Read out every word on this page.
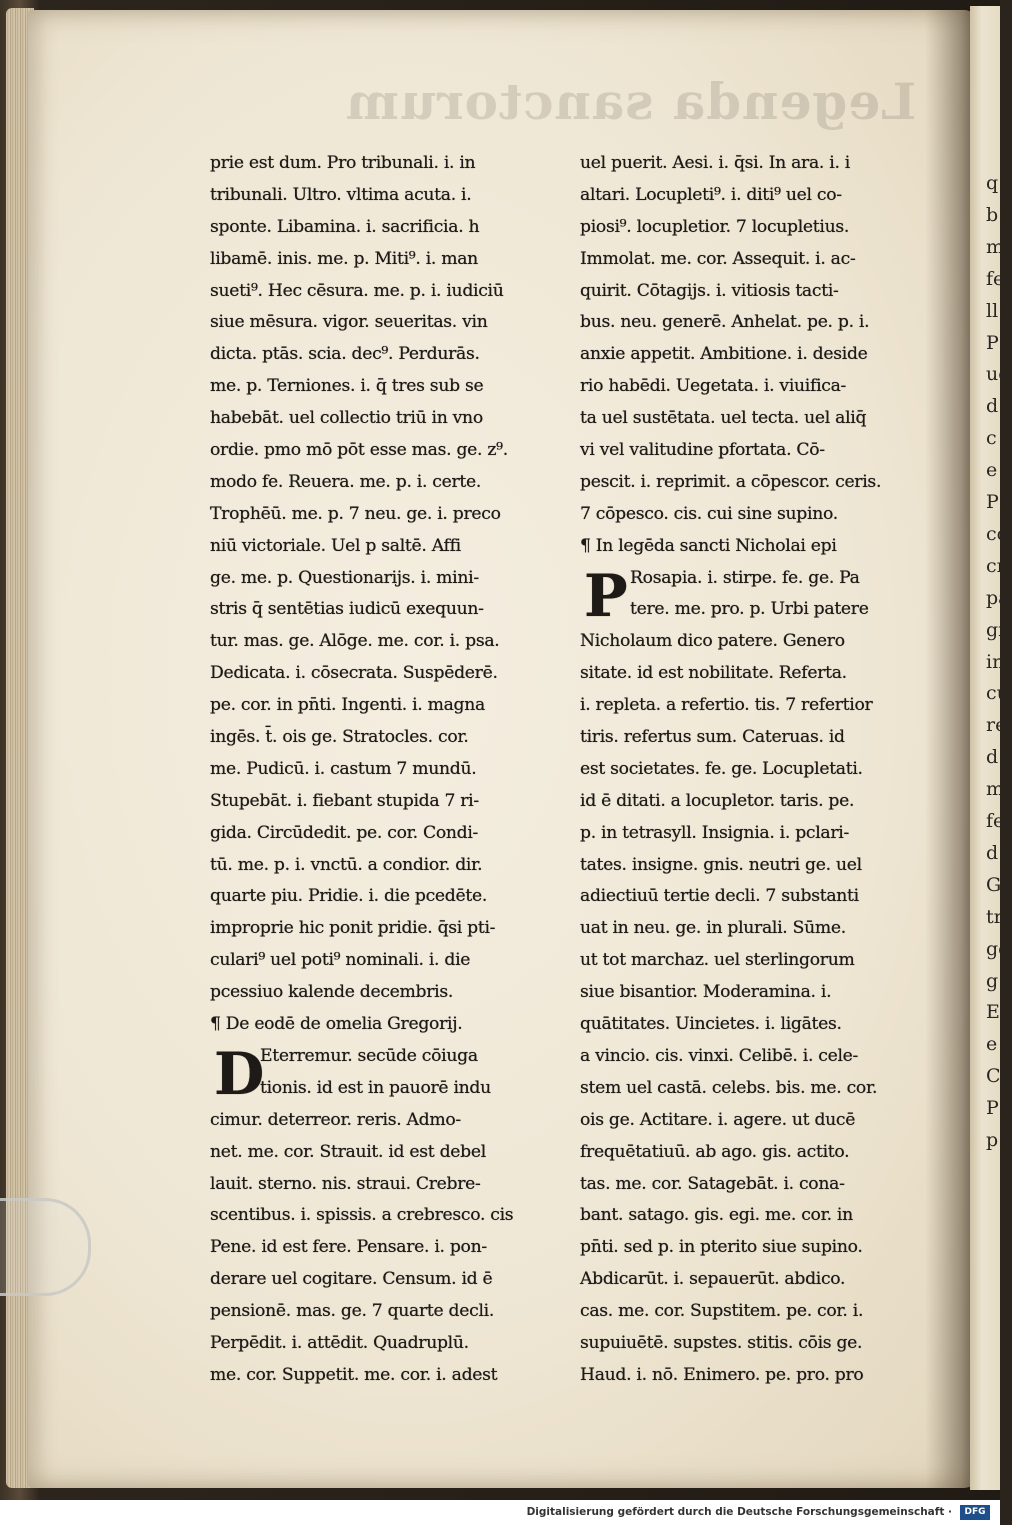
Legenda sanctorum
q
b
m
fe
ll
P
ue
d
c
e
P
co
cr
pa
gi
in
cu
re
d
m
fe
d
G
tr
ge
g
E
e
Co
P
p
prie est dum. Pro tribunali. i. in
tribunali. Ultro. vltima acuta. i.
sponte. Libamina. i. sacrificia. h
libamē. inis. me. p. Miti⁹. i. man
sueti⁹. Hec cēsura. me. p. i. iudiciū
siue mēsura. vigor. seueritas. vin
dicta. ptās. scia. dec⁹. Perdurās.
me. p. Terniones. i. q̄ tres sub se
habebāt. uel collectio triū in vno
ordie. pmo mō pōt esse mas. ge. z⁹.
modo fe. Reuera. me. p. i. certe.
Trophēū. me. p. 7 neu. ge. i. preco
niū victoriale. Uel p saltē. Affi
ge. me. p. Questionarijs. i. mini-
stris q̄ sentētias iudicū exequun-
tur. mas. ge. Alōge. me. cor. i. psa.
Dedicata. i. cōsecrata. Suspēderē.
pe. cor. in pn̄ti. Ingenti. i. magna
ingēs. t̄. ois ge. Stratocles. cor.
me. Pudicū. i. castum 7 mundū.
Stupebāt. i. fiebant stupida 7 ri-
gida. Circūdedit. pe. cor. Condi-
tū. me. p. i. vnctū. a condior. dir.
quarte piu. Pridie. i. die pcedēte.
improprie hic ponit pridie. q̄si pti-
culari⁹ uel poti⁹ nominali. i. die
pcessiuo kalende decembris.
¶ De eodē de omelia Gregorij.
D
Eterremur. secūde cōiuga
tionis. id est in pauorē indu
cimur. deterreor. reris. Admo-
net. me. cor. Strauit. id est debel
lauit. sterno. nis. straui. Crebre-
scentibus. i. spissis. a crebresco. cis
Pene. id est fere. Pensare. i. pon-
derare uel cogitare. Censum. id ē
pensionē. mas. ge. 7 quarte decli.
Perpēdit. i. attēdit. Quadruplū.
me. cor. Suppetit. me. cor. i. adest
uel puerit. Aesi. i. q̄si. In ara. i. i
altari. Locupleti⁹. i. diti⁹ uel co-
piosi⁹. locupletior. 7 locupletius.
Immolat. me. cor. Assequit. i. ac-
quirit. Cōtagijs. i. vitiosis tacti-
bus. neu. generē. Anhelat. pe. p. i.
anxie appetit. Ambitione. i. deside
rio habēdi. Uegetata. i. viuifica-
ta uel sustētata. uel tecta. uel aliq̄
vi vel valitudine pfortata. Cō-
pescit. i. reprimit. a cōpescor. ceris.
7 cōpesco. cis. cui sine supino.
¶ In legēda sancti Nicholai epi
P Rosapia. i. stirpe. fe. ge. Pa
tere. me. pro. p. Urbi patere
Nicholaum dico patere. Genero
sitate. id est nobilitate. Referta.
i. repleta. a refertio. tis. 7 refertior
tiris. refertus sum. Cateruas. id
est societates. fe. ge. Locupletati.
id ē ditati. a locupletor. taris. pe.
p. in tetrasyll. Insignia. i. pclari-
tates. insigne. gnis. neutri ge. uel
adiectiuū tertie decli. 7 substanti
uat in neu. ge. in plurali. Sūme.
ut tot marchaz. uel sterlingorum
siue bisantior. Moderamina. i.
quātitates. Uincietes. i. ligātes.
a vincio. cis. vinxi. Celibē. i. cele-
stem uel castā. celebs. bis. me. cor.
ois ge. Actitare. i. agere. ut ducē
frequētatiuū. ab ago. gis. actito.
tas. me. cor. Satagebāt. i. cona-
bant. satago. gis. egi. me. cor. in
pn̄ti. sed p. in pterito siue supino.
Abdicarūt. i. sepauerūt. abdico.
cas. me. cor. Supstitem. pe. cor. i.
supuiuētē. supstes. stitis. cōis ge.
Haud. i. nō. Enimero. pe. pro. pro
Digitalisierung gefördert durch die Deutsche Forschungsgemeinschaft ·	DFG
